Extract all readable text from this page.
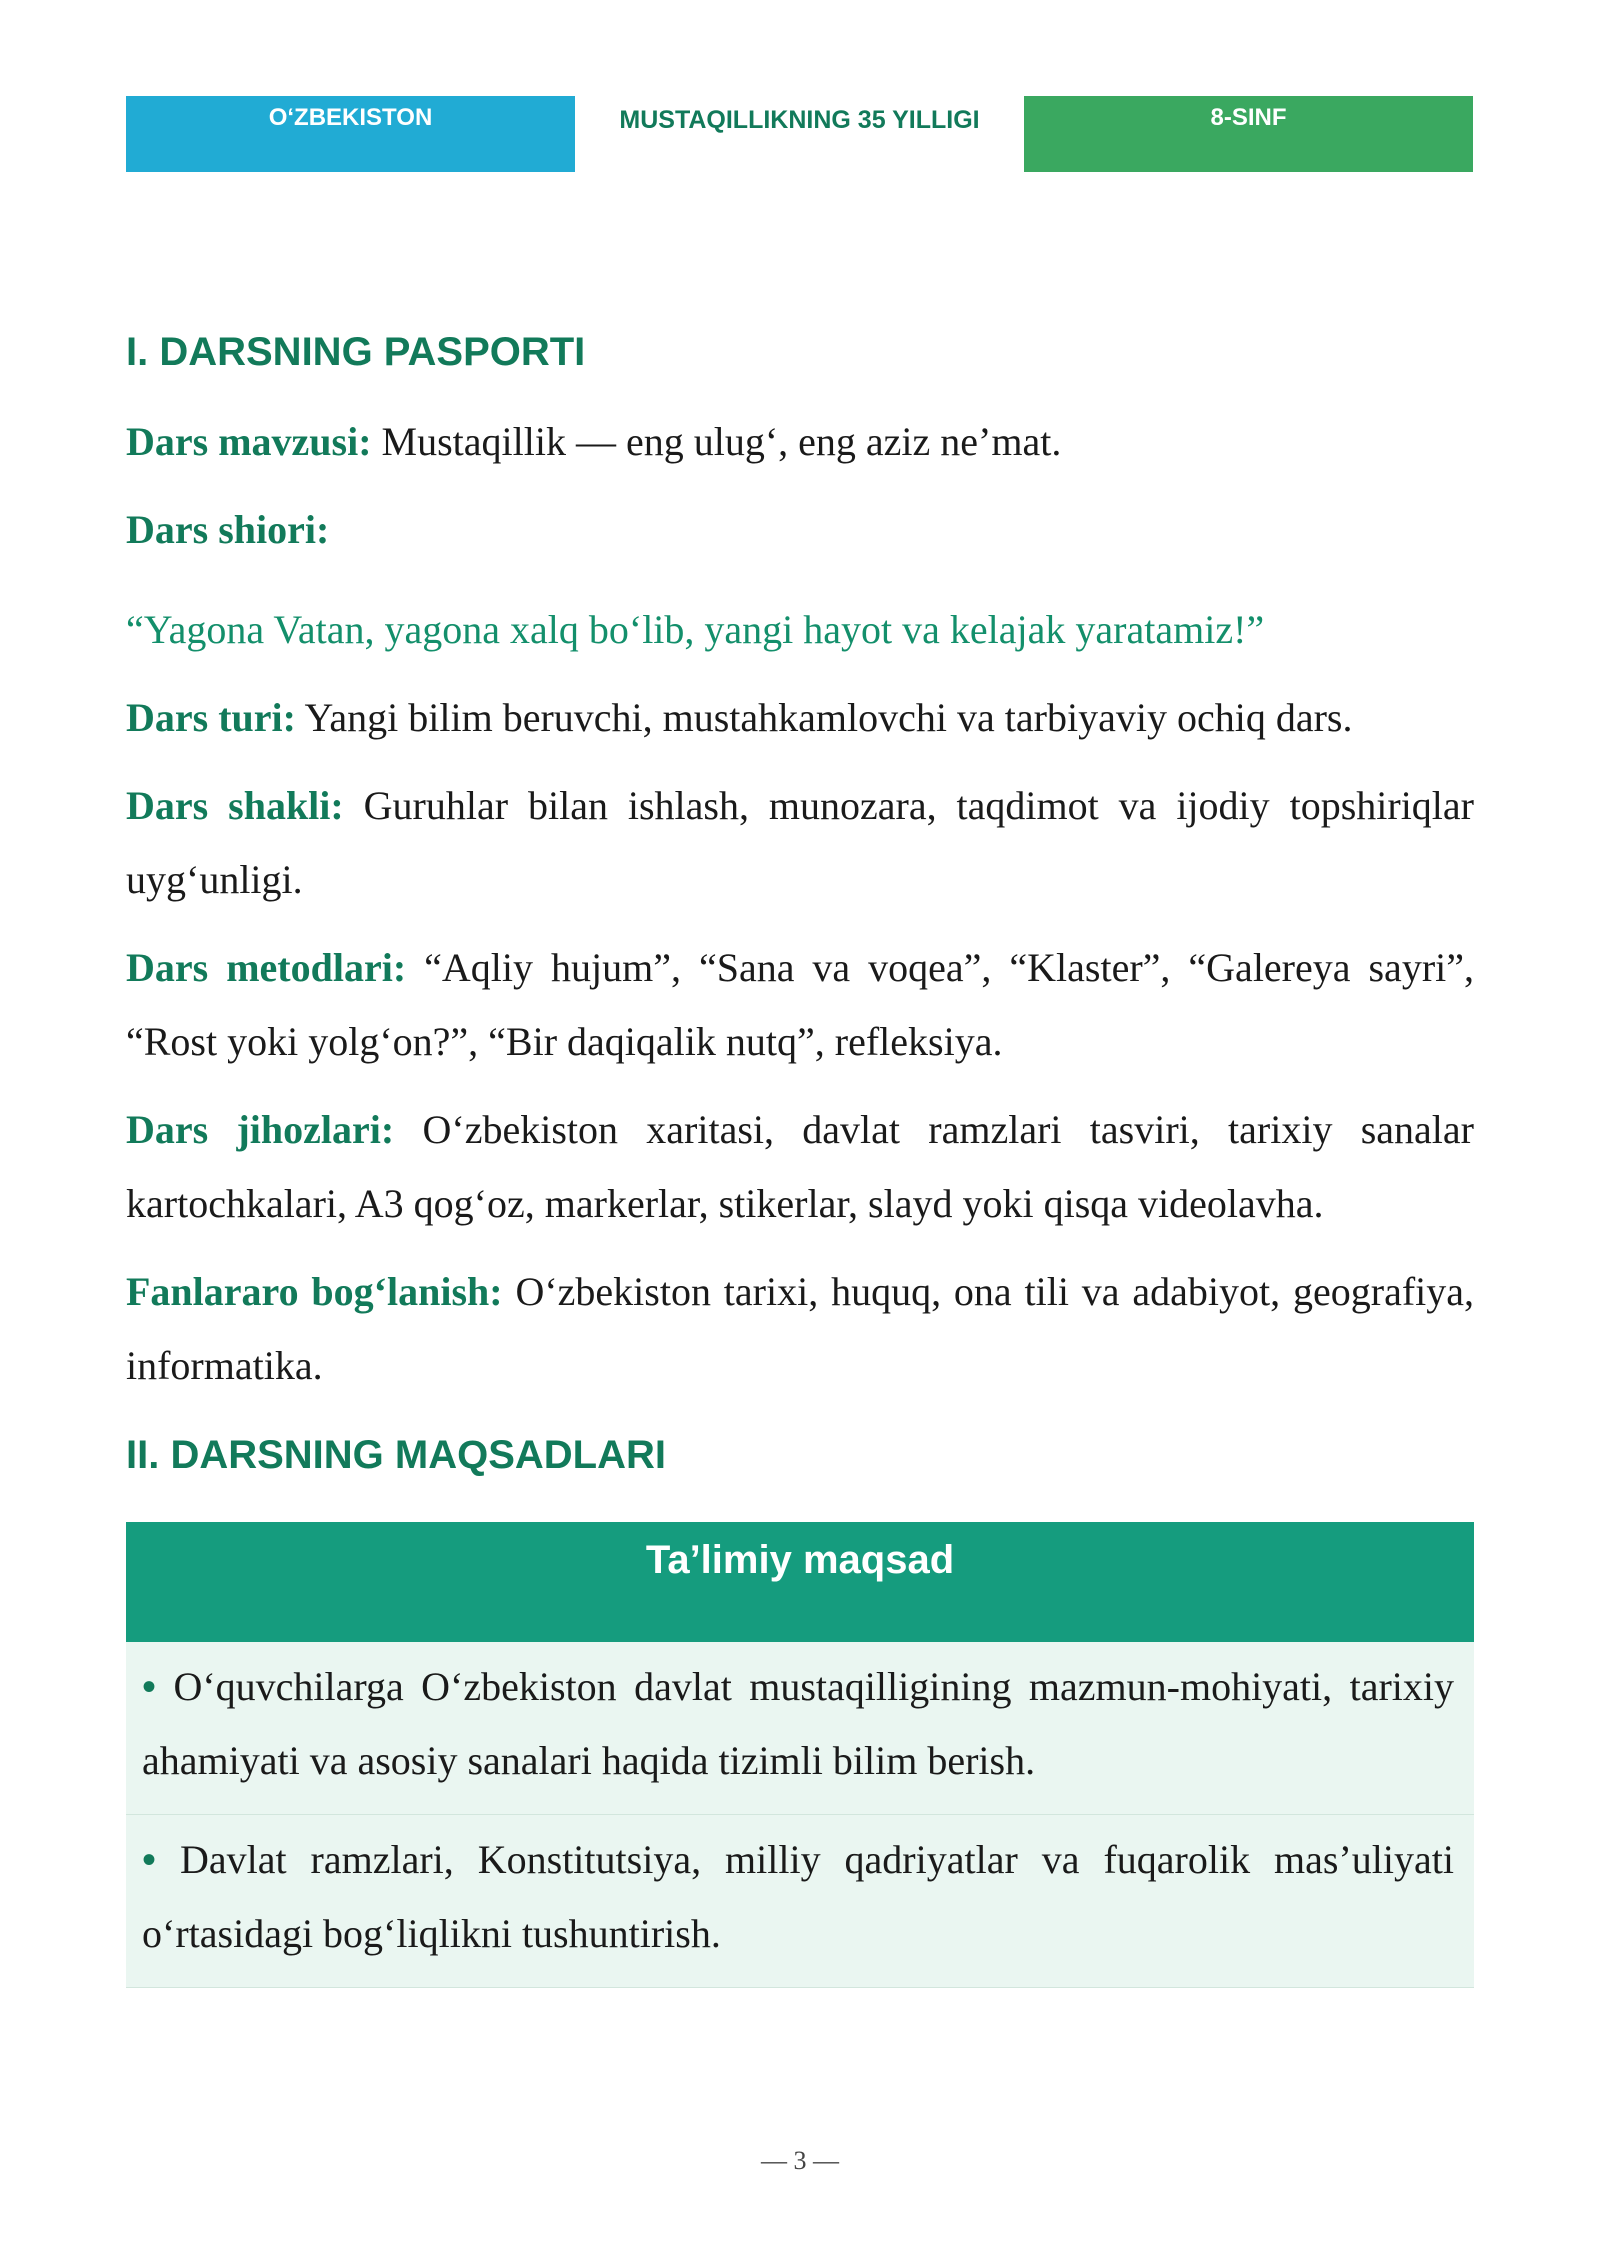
O‘ZBEKISTON	MUSTAQILLIKNING 35 YILLIGI	8-SINF
I. DARSNING PASPORTI

Dars mavzusi: Mustaqillik — eng ulug‘, eng aziz ne’mat.

Dars shiori:

“Yagona Vatan, yagona xalq bo‘lib, yangi hayot va kelajak yaratamiz!”

Dars turi: Yangi bilim beruvchi, mustahkamlovchi va tarbiyaviy ochiq dars.

Dars shakli: Guruhlar bilan ishlash, munozara, taqdimot va ijodiy topshiriqlar uyg‘unligi.

Dars metodlari: “Aqliy hujum”, “Sana va voqea”, “Klaster”, “Galereya sayri”, “Rost yoki yolg‘on?”, “Bir daqiqalik nutq”, refleksiya.

Dars jihozlari: O‘zbekiston xaritasi, davlat ramzlari tasviri, tarixiy sanalar kartochkalari, A3 qog‘oz, markerlar, stikerlar, slayd yoki qisqa videolavha.

Fanlararo bog‘lanish: O‘zbekiston tarixi, huquq, ona tili va adabiyot, geografiya, informatika.

II. DARSNING MAQSADLARI
Ta’limiy maqsad
• O‘quvchilarga O‘zbekiston davlat mustaqilligining mazmun-mohiyati, tarixiy ahamiyati va asosiy sanalari haqida tizimli bilim berish.
• Davlat ramzlari, Konstitutsiya, milliy qadriyatlar va fuqarolik mas’uliyati o‘rtasidagi bog‘liqlikni tushuntirish.
— 3 —
